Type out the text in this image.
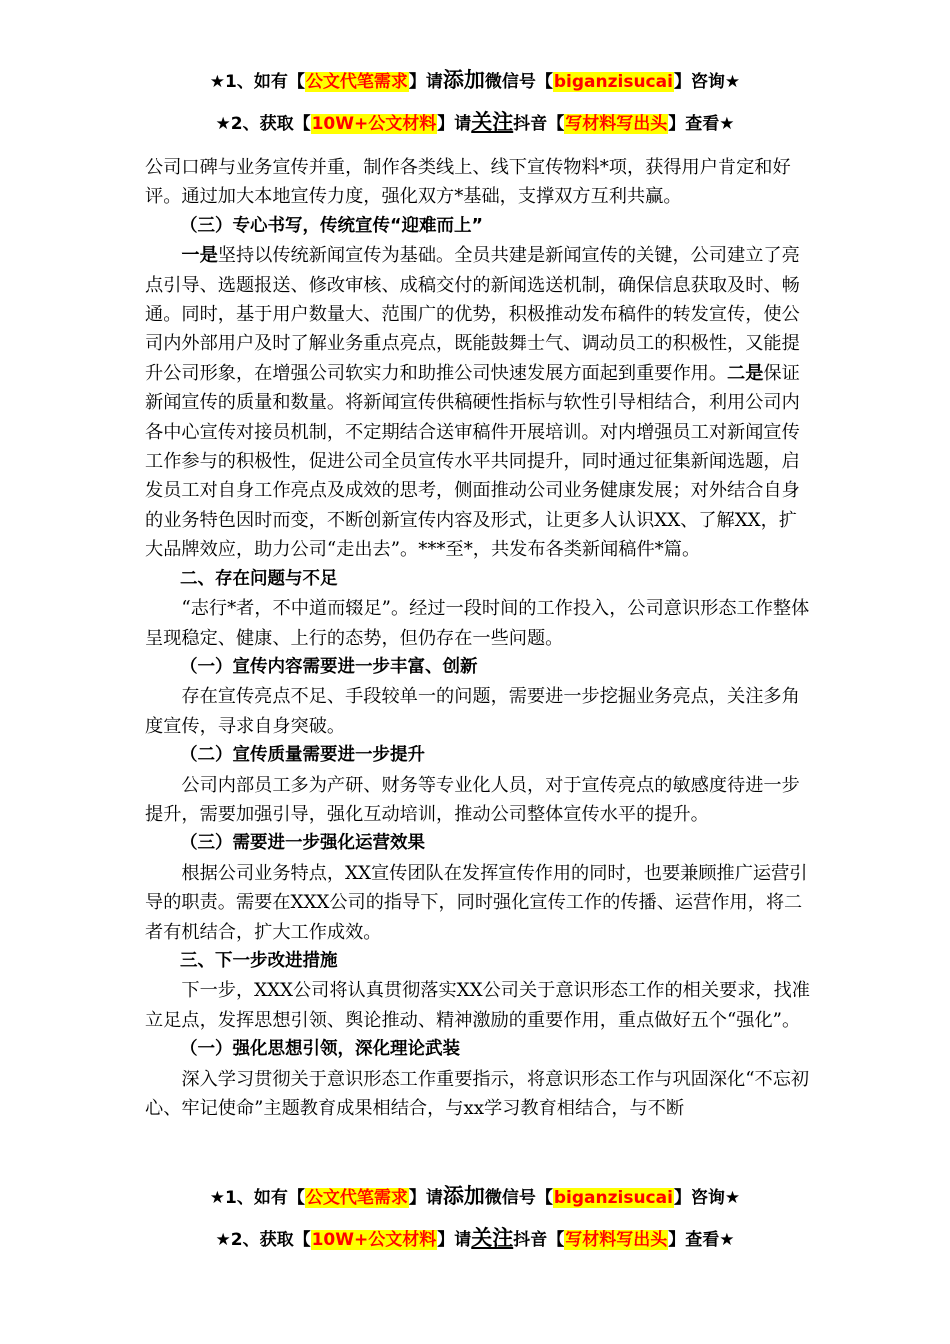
★1、如有【公文代笔需求】请添加微信号【biganzisucai】咨询★
★2、获取【10W+公文材料】请关注抖音【写材料写出头】查看★

公司口碑与业务宣传并重，制作各类线上、线下宣传物料*项，获得用户肯定和好评。通过加大本地宣传力度，强化双方*基础，支撑双方互利共赢。

（三）专心书写，传统宣传“迎难而上”

一是坚持以传统新闻宣传为基础。全员共建是新闻宣传的关键，公司建立了亮点引导、选题报送、修改审核、成稿交付的新闻选送机制，确保信息获取及时、畅通。同时，基于用户数量大、范围广的优势，积极推动发布稿件的转发宣传，使公司内外部用户及时了解业务重点亮点，既能鼓舞士气、调动员工的积极性，又能提升公司形象，在增强公司软实力和助推公司快速发展方面起到重要作用。二是保证新闻宣传的质量和数量。将新闻宣传供稿硬性指标与软性引导相结合，利用公司内各中心宣传对接员机制，不定期结合送审稿件开展培训。对内增强员工对新闻宣传工作参与的积极性，促进公司全员宣传水平共同提升，同时通过征集新闻选题，启发员工对自身工作亮点及成效的思考，侧面推动公司业务健康发展；对外结合自身的业务特色因时而变，不断创新宣传内容及形式，让更多人认识XX、了解XX，扩大品牌效应，助力公司“走出去”。***至*，共发布各类新闻稿件*篇。

二、存在问题与不足

“志行*者，不中道而辍足”。经过一段时间的工作投入，公司意识形态工作整体呈现稳定、健康、上行的态势，但仍存在一些问题。

（一）宣传内容需要进一步丰富、创新

存在宣传亮点不足、手段较单一的问题，需要进一步挖掘业务亮点，关注多角度宣传，寻求自身突破。

（二）宣传质量需要进一步提升

公司内部员工多为产研、财务等专业化人员，对于宣传亮点的敏感度待进一步提升，需要加强引导，强化互动培训，推动公司整体宣传水平的提升。

（三）需要进一步强化运营效果

根据公司业务特点，XX宣传团队在发挥宣传作用的同时，也要兼顾推广运营引导的职责。需要在XXX公司的指导下，同时强化宣传工作的传播、运营作用，将二者有机结合，扩大工作成效。

三、下一步改进措施

下一步，XXX公司将认真贯彻落实XX公司关于意识形态工作的相关要求，找准立足点，发挥思想引领、舆论推动、精神激励的重要作用，重点做好五个“强化”。

（一）强化思想引领，深化理论武装

深入学习贯彻关于意识形态工作重要指示，将意识形态工作与巩固深化“不忘初心、牢记使命”主题教育成果相结合，与xx学习教育相结合，与不断

★1、如有【公文代笔需求】请添加微信号【biganzisucai】咨询★
★2、获取【10W+公文材料】请关注抖音【写材料写出头】查看★
